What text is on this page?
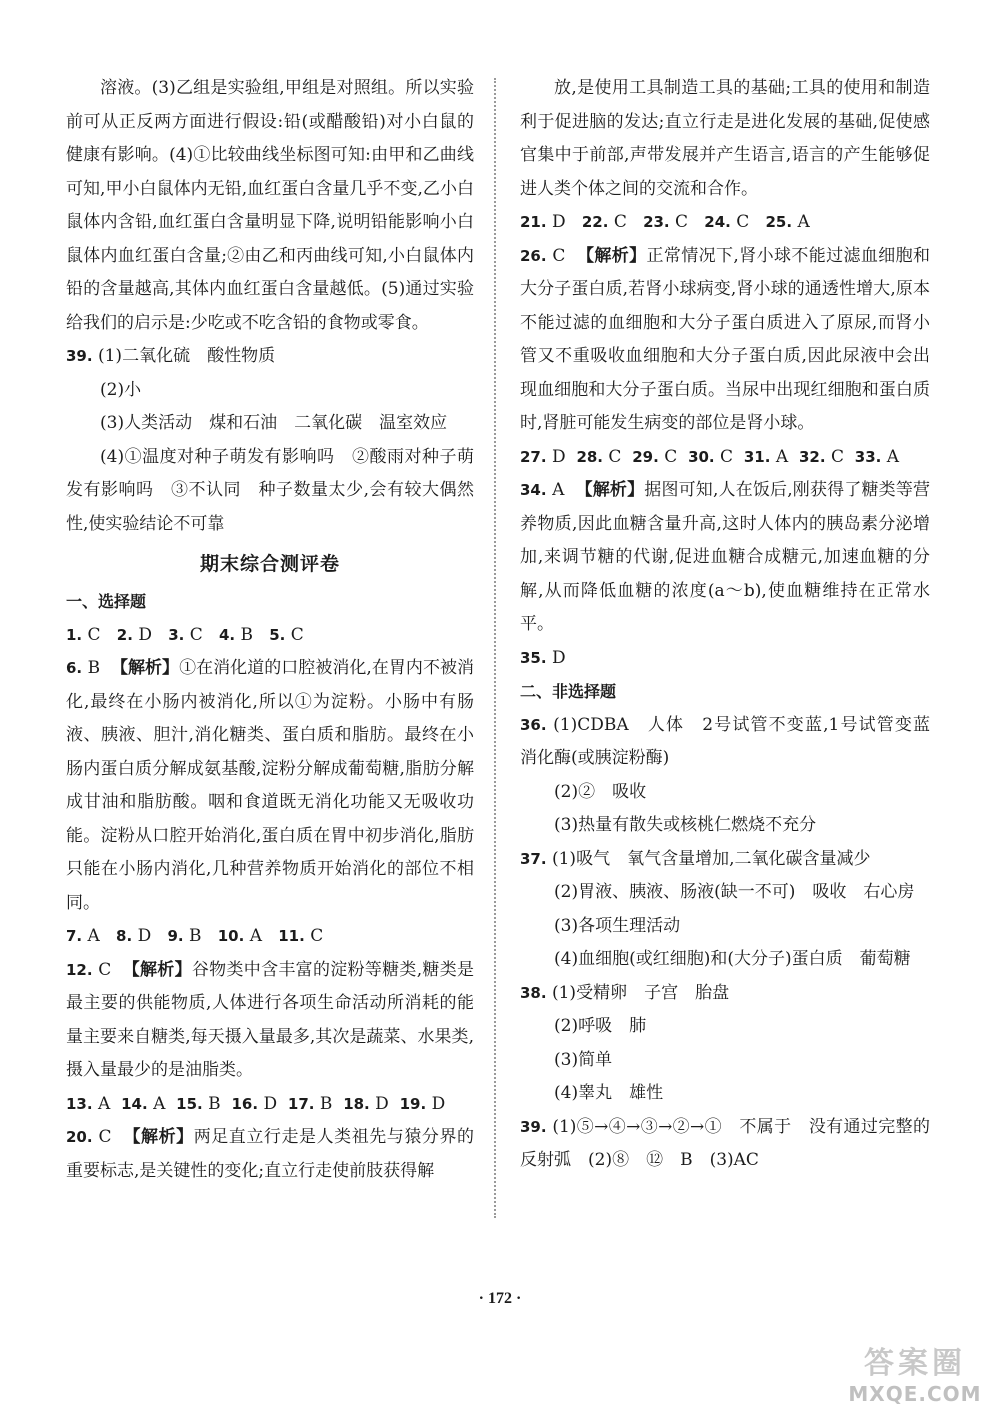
溶液。(3)乙组是实验组,甲组是对照组。所以实验前可从正反两方面进行假设:铅(或醋酸铅)对小白鼠的健康有影响。(4)①比较曲线坐标图可知:由甲和乙曲线可知,甲小白鼠体内无铅,血红蛋白含量几乎不变,乙小白鼠体内含铅,血红蛋白含量明显下降,说明铅能影响小白鼠体内血红蛋白含量;②由乙和丙曲线可知,小白鼠体内铅的含量越高,其体内血红蛋白含量越低。(5)通过实验给我们的启示是:少吃或不吃含铅的食物或零食。

39. (1)二氧化硫　酸性物质

(2)小

(3)人类活动　煤和石油　二氧化碳　温室效应

(4)①温度对种子萌发有影响吗　②酸雨对种子萌发有影响吗　③不认同　种子数量太少,会有较大偶然性,使实验结论不可靠

期末综合测评卷

一、选择题

1. C 2. D 3. C 4. B 5. C

6. B 【解析】①在消化道的口腔被消化,在胃内不被消化,最终在小肠内被消化,所以①为淀粉。小肠中有肠液、胰液、胆汁,消化糖类、蛋白质和脂肪。最终在小肠内蛋白质分解成氨基酸,淀粉分解成葡萄糖,脂肪分解成甘油和脂肪酸。咽和食道既无消化功能又无吸收功能。淀粉从口腔开始消化,蛋白质在胃中初步消化,脂肪只能在小肠内消化,几种营养物质开始消化的部位不相同。

7. A 8. D 9. B 10. A 11. C

12. C 【解析】谷物类中含丰富的淀粉等糖类,糖类是最主要的供能物质,人体进行各项生命活动所消耗的能量主要来自糖类,每天摄入量最多,其次是蔬菜、水果类,摄入量最少的是油脂类。

13. A 14. A 15. B 16. D 17. B 18. D 19. D

20. C 【解析】两足直立行走是人类祖先与猿分界的重要标志,是关键性的变化;直立行走使前肢获得解

放,是使用工具制造工具的基础;工具的使用和制造利于促进脑的发达;直立行走是进化发展的基础,促使感官集中于前部,声带发展并产生语言,语言的产生能够促进人类个体之间的交流和合作。

21. D 22. C 23. C 24. C 25. A

26. C 【解析】正常情况下,肾小球不能过滤血细胞和大分子蛋白质,若肾小球病变,肾小球的通透性增大,原本不能过滤的血细胞和大分子蛋白质进入了原尿,而肾小管又不重吸收血细胞和大分子蛋白质,因此尿液中会出现血细胞和大分子蛋白质。当尿中出现红细胞和蛋白质时,肾脏可能发生病变的部位是肾小球。

27. D 28. C 29. C 30. C 31. A 32. C 33. A

34. A 【解析】据图可知,人在饭后,刚获得了糖类等营养物质,因此血糖含量升高,这时人体内的胰岛素分泌增加,来调节糖的代谢,促进血糖合成糖元,加速血糖的分解,从而降低血糖的浓度(a～b),使血糖维持在正常水平。

35. D

二、非选择题

36. (1)CDBA　人体　2号试管不变蓝,1号试管变蓝　消化酶(或胰淀粉酶)

(2)②　吸收

(3)热量有散失或核桃仁燃烧不充分

37. (1)吸气　氧气含量增加,二氧化碳含量减少

(2)胃液、胰液、肠液(缺一不可)　吸收　右心房

(3)各项生理活动

(4)血细胞(或红细胞)和(大分子)蛋白质　葡萄糖

38. (1)受精卵　子宫　胎盘

(2)呼吸　肺

(3)简单

(4)睾丸　雄性

39. (1)⑤→④→③→②→①　不属于　没有通过完整的反射弧　(2)⑧　⑫　B　(3)AC

· 172 ·
答案圈
MXQE.COM
